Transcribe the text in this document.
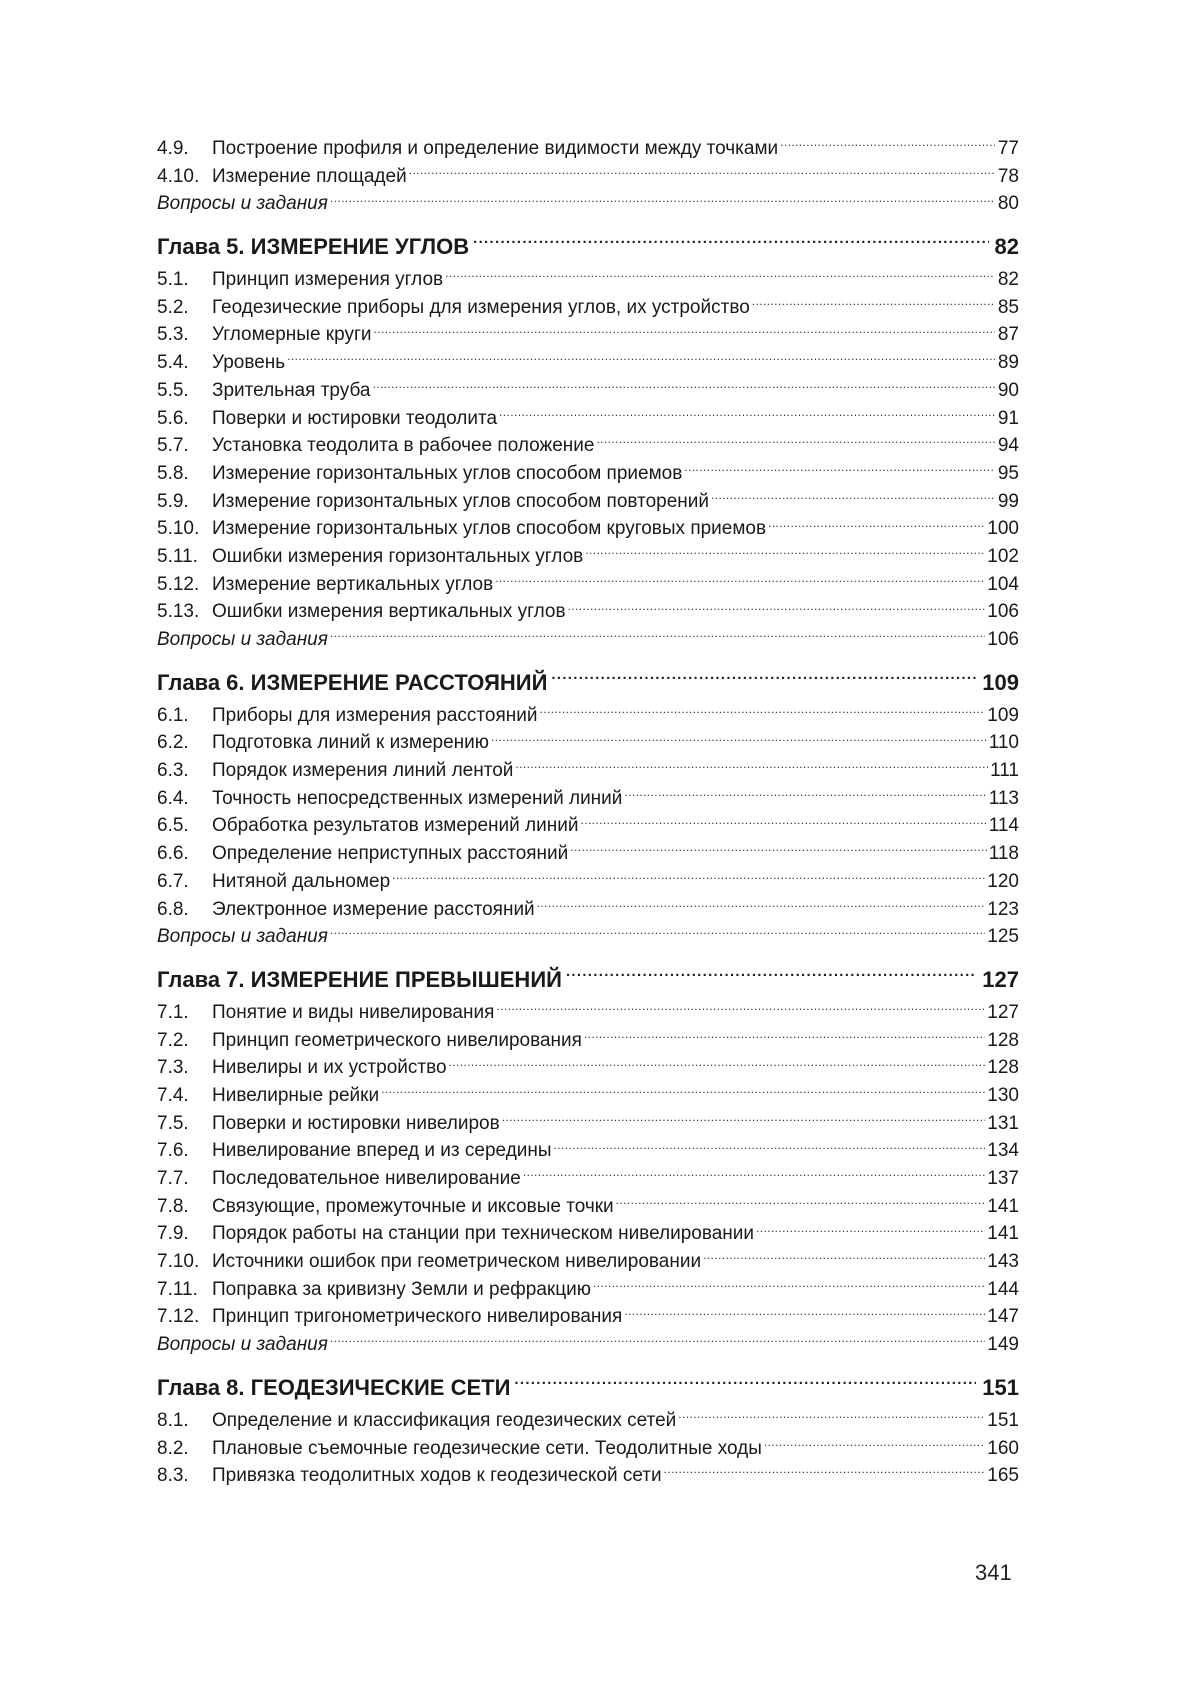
4.9.	Построение профиля и определение видимости между точками .....	77
4.10. Измерение площадей .....	78
Вопросы и задания .....	80
Глава 5. ИЗМЕРЕНИЕ УГЛОВ .....	82
5.1.	Принцип измерения углов .....	82
5.2.	Геодезические приборы для измерения углов, их устройство .....	85
5.3.	Угломерные круги .....	87
5.4.	Уровень .....	89
5.5.	Зрительная труба .....	90
5.6.	Поверки и юстировки теодолита .....	91
5.7.	Установка теодолита в рабочее положение .....	94
5.8.	Измерение горизонтальных углов способом приемов .....	95
5.9.	Измерение горизонтальных углов способом повторений .....	99
5.10. Измерение горизонтальных углов способом круговых приемов .....	100
5.11. Ошибки измерения горизонтальных углов .....	102
5.12. Измерение вертикальных углов .....	104
5.13. Ошибки измерения вертикальных углов .....	106
Вопросы и задания .....	106
Глава 6. ИЗМЕРЕНИЕ РАССТОЯНИЙ .....	109
6.1.	Приборы для измерения расстояний .....	109
6.2.	Подготовка линий к измерению .....	110
6.3.	Порядок измерения линий лентой .....	111
6.4.	Точность непосредственных измерений линий .....	113
6.5.	Обработка результатов измерений линий .....	114
6.6.	Определение неприступных расстояний .....	118
6.7.	Нитяной дальномер .....	120
6.8.	Электронное измерение расстояний .....	123
Вопросы и задания .....	125
Глава 7. ИЗМЕРЕНИЕ ПРЕВЫШЕНИЙ .....	127
7.1.	Понятие и виды нивелирования .....	127
7.2.	Принцип геометрического нивелирования .....	128
7.3.	Нивелиры и их устройство .....	128
7.4.	Нивелирные рейки .....	130
7.5.	Поверки и юстировки нивелиров .....	131
7.6.	Нивелирование вперед и из середины .....	134
7.7.	Последовательное нивелирование .....	137
7.8.	Связующие, промежуточные и иксовые точки .....	141
7.9.	Порядок работы на станции при техническом нивелировании .....	141
7.10. Источники ошибок при геометрическом нивелировании .....	143
7.11. Поправка за кривизну Земли и рефракцию .....	144
7.12. Принцип тригонометрического нивелирования .....	147
Вопросы и задания .....	149
Глава 8. ГЕОДЕЗИЧЕСКИЕ СЕТИ .....	151
8.1.	Определение и классификация геодезических сетей .....	151
8.2.	Плановые съемочные геодезические сети. Теодолитные ходы .....	160
8.3.	Привязка теодолитных ходов к геодезической сети .....	165
341
